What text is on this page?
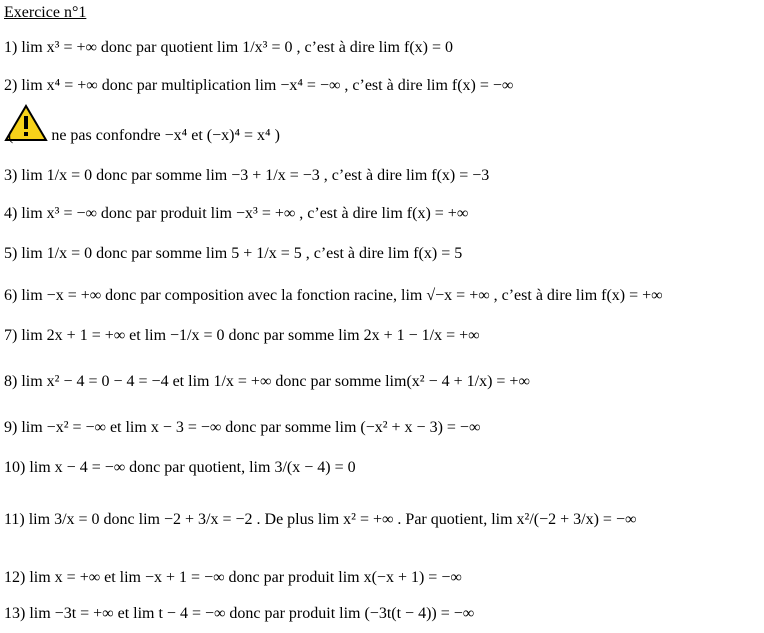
Exercice n°1
1) lim x³ = +∞ donc par quotient lim 1/x³ = 0 , c’est à dire lim f(x) = 0
2) lim x⁴ = +∞ donc par multiplication lim −x⁴ = −∞ , c’est à dire lim f(x) = −∞
( ne pas confondre −x⁴ et (−x)⁴ = x⁴ )
3) lim 1/x = 0 donc par somme lim −3 + 1/x = −3 , c’est à dire lim f(x) = −3
4) lim x³ = −∞ donc par produit lim −x³ = +∞ , c’est à dire lim f(x) = +∞
5) lim 1/x = 0 donc par somme lim 5 + 1/x = 5 , c’est à dire lim f(x) = 5
6) lim −x = +∞ donc par composition avec la fonction racine, lim √−x = +∞ , c’est à dire lim f(x) = +∞
7) lim 2x + 1 = +∞ et lim −1/x = 0 donc par somme lim 2x + 1 − 1/x = +∞
8) lim x² − 4 = 0 − 4 = −4 et lim 1/x = +∞ donc par somme lim(x² − 4 + 1/x) = +∞
9) lim −x² = −∞ et lim x − 3 = −∞ donc par somme lim (−x² + x − 3) = −∞
10) lim x − 4 = −∞ donc par quotient, lim 3/(x − 4) = 0
11) lim 3/x = 0 donc lim −2 + 3/x = −2 . De plus lim x² = +∞ . Par quotient, lim x²/(−2 + 3/x) = −∞
12) lim x = +∞ et lim −x + 1 = −∞ donc par produit lim x(−x + 1) = −∞
13) lim −3t = +∞ et lim t − 4 = −∞ donc par produit lim (−3t(t − 4)) = −∞
